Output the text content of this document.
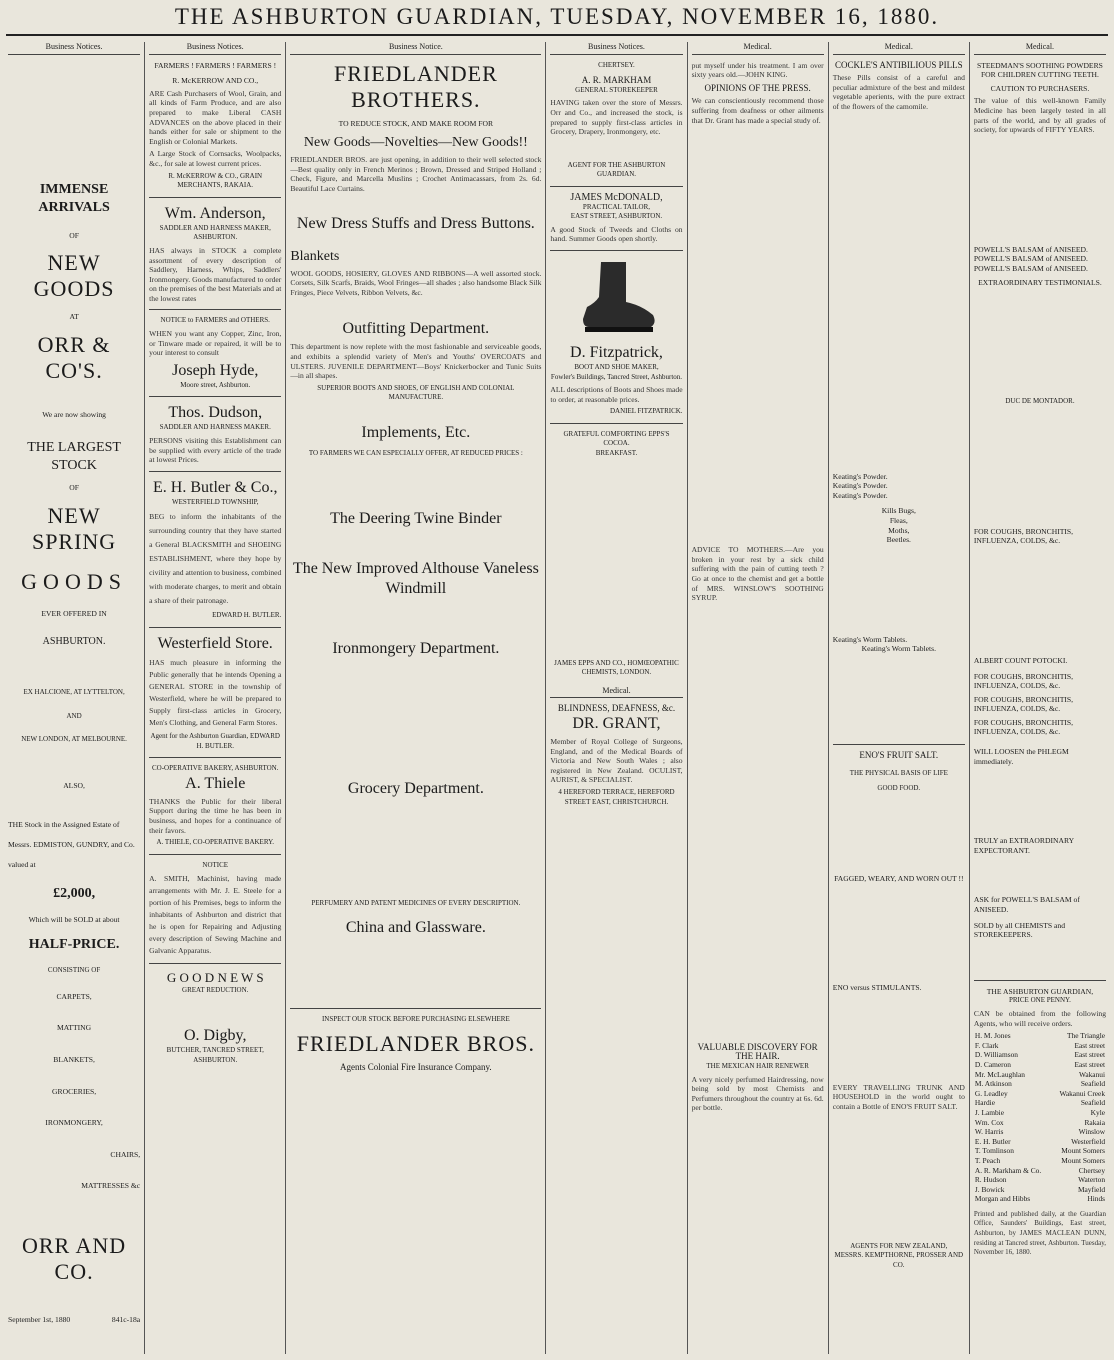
THE ASHBURTON GUARDIAN, TUESDAY, NOVEMBER 16, 1880.
Business Notices.
IMMENSE ARRIVALS
OF
NEW GOODS
AT
ORR & CO'S.
We are now showing
THE LARGEST STOCK
OF
NEW SPRING
GOODS
EVER OFFERED IN
ASHBURTON.
EX HALCIONE, AT LYTTELTON,
AND
NEW LONDON, AT MELBOURNE.
ALSO,

THE Stock in the Assigned Estate of Messrs. EDMISTON, GUNDRY, and Co. valued at

£2,000,
Which will be SOLD at about
HALF-PRICE.
CONSISTING OF
CARPETS,
MATTING
BLANKETS,
GROCERIES,
IRONMONGERY,
CHAIRS,
MATTRESSES &c
ORR AND CO.
September 1st, 1880	841c-18a
Business Notices.
FARMERS ! FARMERS ! FARMERS !
R. McKERROW AND CO.,

ARE Cash Purchasers of Wool, Grain, and all kinds of Farm Produce, and are also prepared to make Liberal CASH ADVANCES on the above placed in their hands either for sale or shipment to the English or Colonial Markets.

A Large Stock of Cornsacks, Woolpacks, &c., for sale at lowest current prices.

R. McKERROW & CO., GRAIN MERCHANTS, RAKAIA.

Wm. Anderson,
SADDLER AND HARNESS MAKER, ASHBURTON.

HAS always in STOCK a complete assortment of every description of Saddlery, Harness, Whips, Saddlers' Ironmongery. Goods manufactured to order on the premises of the best Materials and at the lowest rates

NOTICE to FARMERS and OTHERS.

WHEN you want any Copper, Zinc, Iron, or Tinware made or repaired, it will be to your interest to consult

Joseph Hyde,
Moore street, Ashburton.
Thos. Dudson,
SADDLER AND HARNESS MAKER.

PERSONS visiting this Establishment can be supplied with every article of the trade at lowest Prices.

E. H. Butler & Co.,
WESTERFIELD TOWNSHIP,

BEG to inform the inhabitants of the surrounding country that they have started a General BLACKSMITH and SHOEING ESTABLISHMENT, where they hope by civility and attention to business, combined with moderate charges, to merit and obtain a share of their patronage.

EDWARD H. BUTLER.

Westerfield Store.

HAS much pleasure in informing the Public generally that he intends Opening a GENERAL STORE in the township of Westerfield, where he will be prepared to Supply first-class articles in Grocery, Men's Clothing, and General Farm Stores.

Agent for the Ashburton Guardian, EDWARD H. BUTLER.

CO-OPERATIVE BAKERY, ASHBURTON.
A. Thiele

THANKS the Public for their liberal Support during the time he has been in business, and hopes for a continuance of their favors.

A. THIELE, CO-OPERATIVE BAKERY.

NOTICE

A. SMITH, Machinist, having made arrangements with Mr. J. E. Steele for a portion of his Premises, begs to inform the inhabitants of Ashburton and district that he is open for Repairing and Adjusting every description of Sewing Machine and Galvanic Apparatus.

G O O D N E W S
GREAT REDUCTION.
O. Digby,
BUTCHER, TANCRED STREET, ASHBURTON.
Business Notice.
FRIEDLANDER BROTHERS.
TO REDUCE STOCK, AND MAKE ROOM FOR
New Goods—Novelties—New Goods!!

FRIEDLANDER BROS. are just opening, in addition to their well selected stock—Best quality only in French Merinos ; Brown, Dressed and Striped Holland ; Check, Figure, and Marcella Muslins ; Crochet Antimacassars, from 2s. 6d. Beautiful Lace Curtains.

New Dress Stuffs and Dress Buttons.
Blankets

WOOL GOODS, HOSIERY, GLOVES AND RIBBONS—A well assorted stock. Corsets, Silk Scarfs, Braids, Wool Fringes—all shades ; also handsome Black Silk Fringes, Piece Velvets, Ribbon Velvets, &c.

Outfitting Department.

This department is now replete with the most fashionable and serviceable goods, and exhibits a splendid variety of Men's and Youths' OVERCOATS and ULSTERS. JUVENILE DEPARTMENT—Boys' Knickerbocker and Tunic Suits—in all shapes.

SUPERIOR BOOTS AND SHOES, OF ENGLISH AND COLONIAL MANUFACTURE.
Implements, Etc.
TO FARMERS WE CAN ESPECIALLY OFFER, AT REDUCED PRICES :
The Deering Twine Binder
The New Improved Althouse Vaneless Windmill
Ironmongery Department.
Grocery Department.
PERFUMERY AND PATENT MEDICINES OF EVERY DESCRIPTION.
China and Glassware.
INSPECT OUR STOCK BEFORE PURCHASING ELSEWHERE
FRIEDLANDER BROS.
Agents Colonial Fire Insurance Company.
Business Notices.
CHERTSEY.
A. R. MARKHAM
GENERAL STOREKEEPER

HAVING taken over the store of Messrs. Orr and Co., and increased the stock, is prepared to supply first-class articles in Grocery, Drapery, Ironmongery, etc.

AGENT FOR THE ASHBURTON GUARDIAN.
JAMES McDONALD,
PRACTICAL TAILOR,
EAST STREET, ASHBURTON.

A good Stock of Tweeds and Cloths on hand. Summer Goods open shortly.

D. Fitzpatrick,
BOOT AND SHOE MAKER,
Fowler's Buildings, Tancred Street, Ashburton.

ALL descriptions of Boots and Shoes made to order, at reasonable prices.

DANIEL FITZPATRICK.

GRATEFUL COMFORTING EPPS'S COCOA.
BREAKFAST.

JAMES EPPS AND CO., HOMŒOPATHIC CHEMISTS, LONDON.

Medical.
BLINDNESS, DEAFNESS, &c.
DR. GRANT,

Member of Royal College of Surgeons, England, and of the Medical Boards of Victoria and New South Wales ; also registered in New Zealand. OCULIST, AURIST, & SPECIALIST.

4 HEREFORD TERRACE, HEREFORD STREET EAST, CHRISTCHURCH.

Medical.

put myself under his treatment. I am over sixty years old.—JOHN KING.

OPINIONS OF THE PRESS.

We can conscientiously recommend those suffering from deafness or other ailments that Dr. Grant has made a special study of.

ADVICE TO MOTHERS.—Are you broken in your rest by a sick child suffering with the pain of cutting teeth ? Go at once to the chemist and get a bottle of MRS. WINSLOW'S SOOTHING SYRUP.

VALUABLE DISCOVERY FOR THE HAIR.
THE MEXICAN HAIR RENEWER

A very nicely perfumed Hairdressing, now being sold by most Chemists and Perfumers throughout the country at 6s. 6d. per bottle.

Medical.
COCKLE'S ANTIBILIOUS PILLS

These Pills consist of a careful and peculiar admixture of the best and mildest vegetable aperients, with the pure extract of the flowers of the camomile.

Keating's Powder.
Keating's Powder.
Keating's Powder.
Kills Bugs,
Fleas,
Moths,
Beetles.
Keating's Worm Tablets.
Keating's Worm Tablets.
ENO'S FRUIT SALT.
THE PHYSICAL BASIS OF LIFE
GOOD FOOD.
FAGGED, WEARY, AND WORN OUT !!
ENO versus STIMULANTS.

EVERY TRAVELLING TRUNK AND HOUSEHOLD in the world ought to contain a Bottle of ENO'S FRUIT SALT.

AGENTS FOR NEW ZEALAND,
MESSRS. KEMPTHORNE, PROSSER AND CO.
Medical.
STEEDMAN'S SOOTHING POWDERS FOR CHILDREN CUTTING TEETH.
CAUTION TO PURCHASERS.

The value of this well-known Family Medicine has been largely tested in all parts of the world, and by all grades of society, for upwards of FIFTY YEARS.

POWELL'S BALSAM of ANISEED.
POWELL'S BALSAM of ANISEED.
POWELL'S BALSAM of ANISEED.
EXTRAORDINARY TESTIMONIALS.
DUC DE MONTADOR.
FOR COUGHS, BRONCHITIS, INFLUENZA, COLDS, &c.
ALBERT COUNT POTOCKI.
FOR COUGHS, BRONCHITIS, INFLUENZA, COLDS, &c.
FOR COUGHS, BRONCHITIS, INFLUENZA, COLDS, &c.
FOR COUGHS, BRONCHITIS, INFLUENZA, COLDS, &c.
WILL LOOSEN the PHLEGM immediately.
TRULY an EXTRAORDINARY EXPECTORANT.
ASK for POWELL'S BALSAM of ANISEED.
SOLD by all CHEMISTS and STOREKEEPERS.
THE ASHBURTON GUARDIAN,
PRICE ONE PENNY.

CAN be obtained from the following Agents, who will receive orders.

H. M. Jones	The Triangle
F. Clark	East street
D. Williamson	East street
D. Cameron	East street
Mr. McLaughlan	Wakanui
M. Atkinson	Seafield
G. Leadley	Wakanui Creek
Hardie	Seafield
J. Lambie	Kyle
Wm. Cox	Rakaia
W. Harris	Winslow
E. H. Butler	Westerfield
T. Tomlinson	Mount Somers
T. Peach	Mount Somers
A. R. Markham & Co.	Chertsey
R. Hudson	Waterton
J. Bowick	Mayfield
Morgan and Hibbs	Hinds

Printed and published daily, at the Guardian Office, Saunders' Buildings, East street, Ashburton, by JAMES MACLEAN DUNN, residing at Tancred street, Ashburton. Tuesday, November 16, 1880.
